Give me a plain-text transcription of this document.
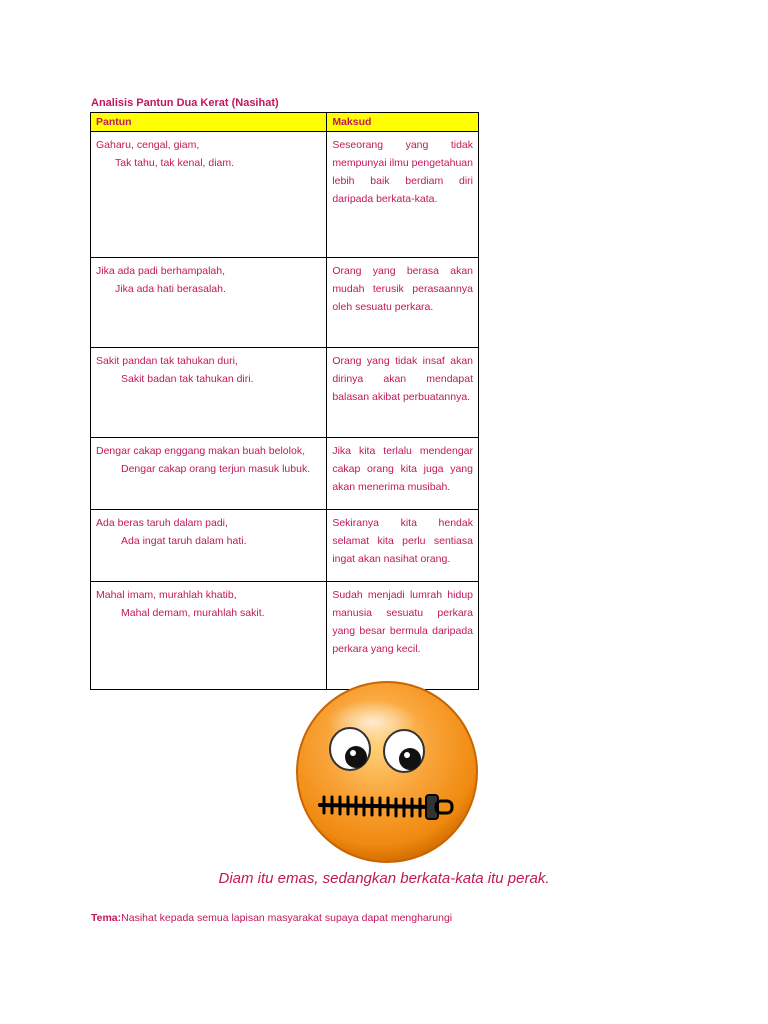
Analisis Pantun Dua Kerat (Nasihat)
Pantun	Maksud

Gaharu, cengal, giam,
Tak tahu, tak kenal, diam.	Seseorang yang tidak mempunyai ilmu pengetahuan lebih baik berdiam diri daripada berkata-kata.

Jika ada padi berhampalah,
Jika ada hati berasalah.	Orang yang berasa akan mudah terusik perasaannya oleh sesuatu perkara.

Sakit pandan tak tahukan duri,
Sakit badan tak tahukan diri.	Orang yang tidak insaf akan dirinya akan mendapat balasan akibat perbuatannya.

Dengar cakap enggang makan buah belolok,
Dengar cakap orang terjun masuk lubuk.	Jika kita terlalu mendengar cakap orang kita juga yang akan menerima musibah.

Ada beras taruh dalam padi,
Ada ingat taruh dalam hati.	Sekiranya kita hendak selamat kita perlu sentiasa ingat akan nasihat orang.

Mahal imam, murahlah khatib,
Mahal demam, murahlah sakit.	Sudah menjadi lumrah hidup manusia sesuatu perkara yang besar bermula daripada perkara yang kecil.
Diam itu emas, sedangkan berkata-kata itu perak.
Tema:Nasihat kepada semua lapisan masyarakat supaya dapat mengharungi
